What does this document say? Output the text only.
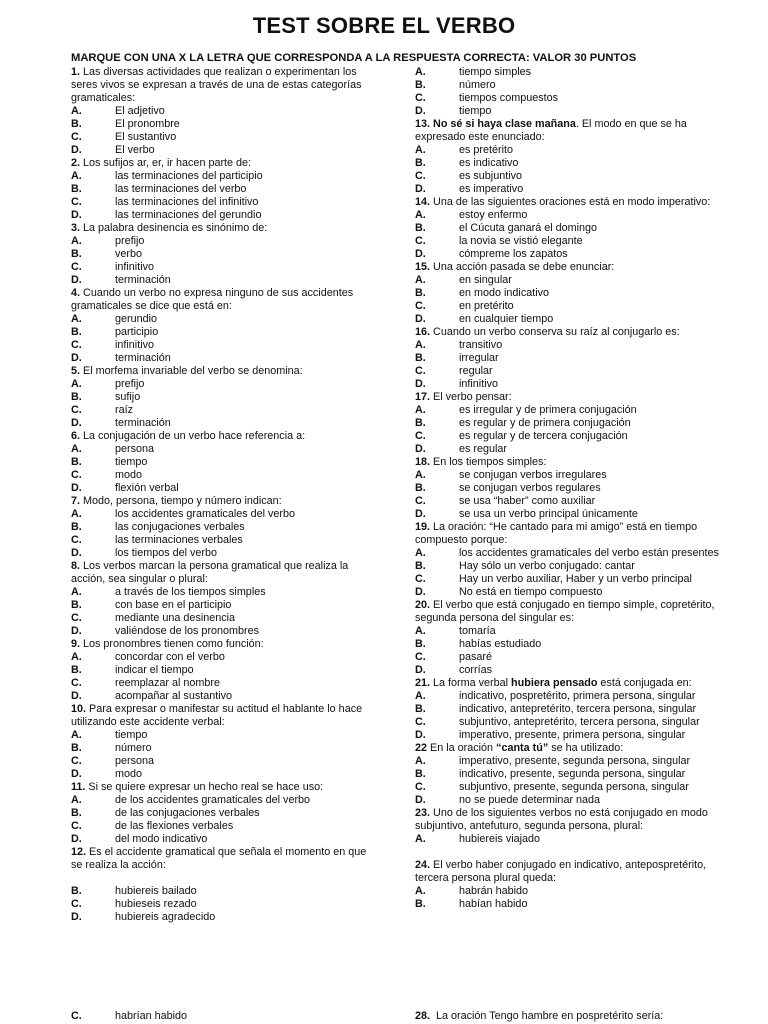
TEST SOBRE EL VERBO
MARQUE CON UNA X LA LETRA QUE CORRESPONDA A LA RESPUESTA CORRECTA: VALOR 30 PUNTOS
1. Las diversas actividades que realizan o experimentan los seres vivos se expresan a través de una de estas categorías gramaticales:
A.	El adjetivo
B.	El pronombre
C.	El sustantivo
D.	El verbo
2. Los sufijos ar, er, ir hacen parte de:
A.	las terminaciones del participio
B.	las terminaciones del verbo
C.	las terminaciones del infinitivo
D.	las terminaciones del gerundio
3. La palabra desinencia es sinónimo de:
A.	prefijo
B.	verbo
C.	infinitivo
D.	terminación
4. Cuando un verbo no expresa ninguno de sus accidentes gramaticales se dice que está en:
A.	gerundio
B.	participio
C.	infinitivo
D.	terminación
5. El morfema invariable del verbo se denomina:
A.	prefijo
B.	sufijo
C.	raíz
D.	terminación
6. La conjugación de un verbo hace referencia a:
A.	persona
B.	tiempo
C.	modo
D.	flexión verbal
7. Modo, persona, tiempo y número indican:
A.	los accidentes gramaticales del verbo
B.	las conjugaciones verbales
C.	las terminaciones verbales
D.	los tiempos del verbo
8. Los verbos marcan la persona gramatical que realiza la acción, sea singular o plural:
A.	a través de los tiempos simples
B.	con base en el participio
C.	mediante una desinencia
D.	valiéndose de los pronombres
9. Los pronombres tienen como función:
A.	concordar con el verbo
B.	indicar el tiempo
C.	reemplazar al nombre
D.	acompañar al sustantivo
10. Para expresar o manifestar su actitud el hablante lo hace utilizando este accidente verbal:
A.	tiempo
B.	número
C.	persona
D.	modo
11. Si se quiere expresar un hecho real se hace uso:
A.	de los accidentes gramaticales del verbo
B.	de las conjugaciones verbales
C.	de las flexiones verbales
D.	del modo indicativo
12. Es el accidente gramatical que señala el momento en que se realiza la acción:
B.	hubiereis bailado
C.	hubieseis rezado
D.	hubiereis agradecido
A.	tiempo simples
B.	número
C.	tiempos compuestos
D.	tiempo
13. No sé si haya clase mañana. El modo en que se ha expresado este enunciado:
A.	es pretérito
B.	es indicativo
C.	es subjuntivo
D.	es imperativo
14. Una de las siguientes oraciones está en modo imperativo:
A.	estoy enfermo
B.	el Cúcuta ganará el domingo
C.	la novia se vistió elegante
D.	cómpreme los zapatos
15. Una acción pasada se debe enunciar:
A.	en singular
B.	en modo indicativo
C.	en pretérito
D.	en cualquier tiempo
16. Cuando un verbo conserva su raíz al conjugarlo es:
A.	transitivo
B.	irregular
C.	regular
D.	infinitivo
17. El verbo pensar:
A.	es irregular y de primera conjugación
B.	es regular y de primera conjugación
C.	es regular y de tercera conjugación
D.	es regular
18. En los tiempos simples:
A.	se conjugan verbos irregulares
B.	se conjugan verbos regulares
C.	se usa “haber” como auxiliar
D.	se usa un verbo principal únicamente
19. La oración: “He cantado para mi amigo” está en tiempo compuesto porque:
A.	los accidentes gramaticales del verbo están presentes
B.	Hay sólo un verbo conjugado: cantar
C.	Hay un verbo auxiliar, Haber y un verbo principal
D.	No está en tiempo compuesto
20. El verbo que está conjugado en tiempo simple, copretérito, segunda persona del singular es:
A.	tomaría
B.	habías estudiado
C.	pasaré
D.	corrías
21. La forma verbal hubiera pensado está conjugada en:
A.	indicativo, pospretérito, primera persona, singular
B.	indicativo, antepretérito, tercera persona, singular
C.	subjuntivo, antepretérito, tercera persona, singular
D.	imperativo, presente, primera persona, singular
22 En la oración “canta tú” se ha utilizado:
A.	imperativo, presente, segunda persona, singular
B.	indicativo, presente, segunda persona, singular
C.	subjuntivo, presente, segunda persona, singular
D.	no se puede determinar nada
23. Uno de los siguientes verbos no está conjugado en modo subjuntivo, antefuturo, segunda persona, plural:
A.	hubiereis viajado
24. El verbo haber conjugado en indicativo, antepospretérito, tercera persona plural queda:
A.	habrán habido
B.	habían habido
C.	habrían habido	28. La oración Tengo hambre en pospretérito sería:
